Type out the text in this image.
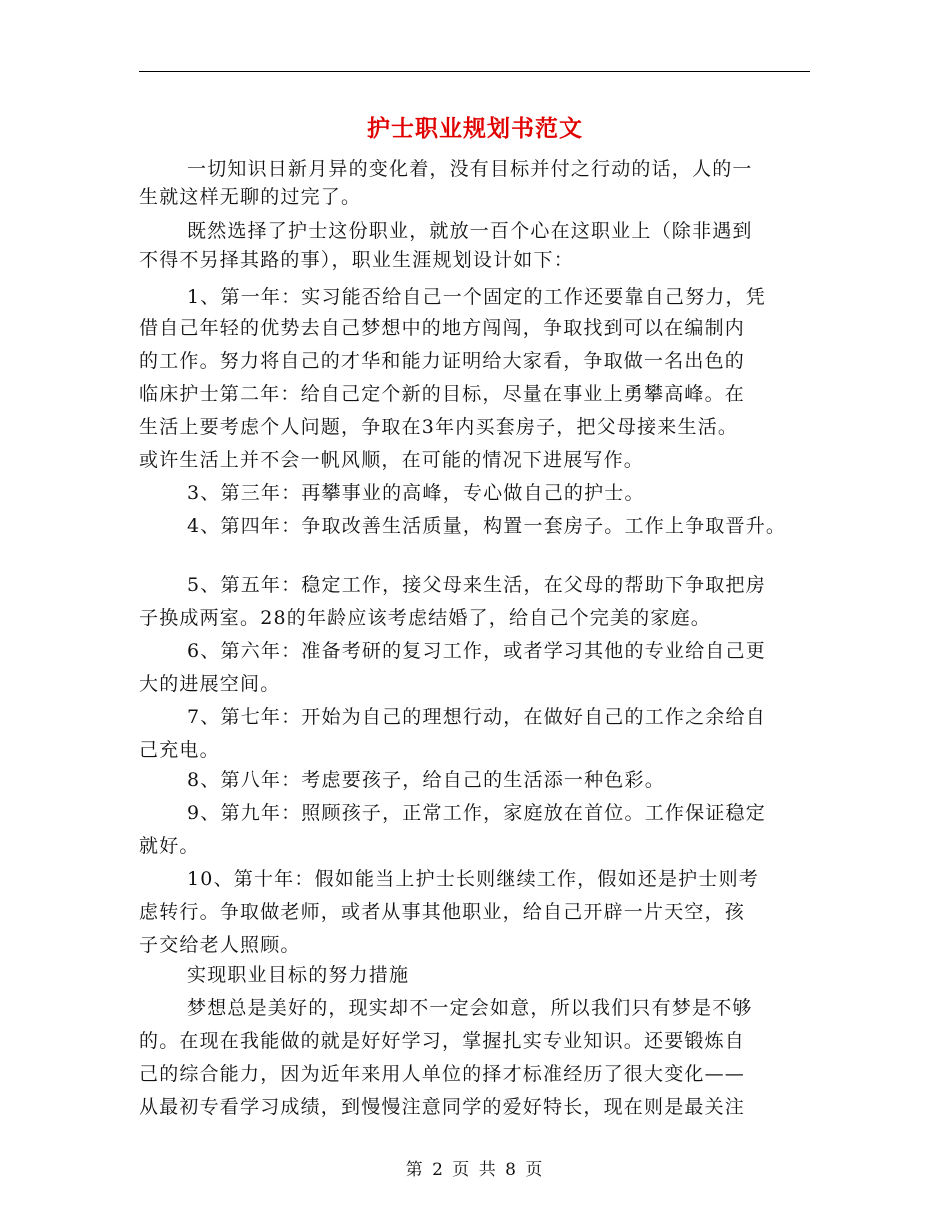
护士职业规划书范文
一切知识日新月异的变化着，没有目标并付之行动的话，人的一
生就这样无聊的过完了。
既然选择了护士这份职业，就放一百个心在这职业上（除非遇到
不得不另择其路的事），职业生涯规划设计如下：
1、第一年：实习能否给自己一个固定的工作还要靠自己努力，凭
借自己年轻的优势去自己梦想中的地方闯闯，争取找到可以在编制内
的工作。努力将自己的才华和能力证明给大家看，争取做一名出色的
临床护士第二年：给自己定个新的目标，尽量在事业上勇攀高峰。在
生活上要考虑个人问题，争取在3年内买套房子，把父母接来生活。
或许生活上并不会一帆风顺，在可能的情况下进展写作。
3、第三年：再攀事业的高峰，专心做自己的护士。
4、第四年：争取改善生活质量，构置一套房子。工作上争取晋升。
5、第五年：稳定工作，接父母来生活，在父母的帮助下争取把房
子换成两室。28的年龄应该考虑结婚了，给自己个完美的家庭。
6、第六年：准备考研的复习工作，或者学习其他的专业给自己更
大的进展空间。
7、第七年：开始为自己的理想行动，在做好自己的工作之余给自
己充电。
8、第八年：考虑要孩子，给自己的生活添一种色彩。
9、第九年：照顾孩子，正常工作，家庭放在首位。工作保证稳定
就好。
10、第十年：假如能当上护士长则继续工作，假如还是护士则考
虑转行。争取做老师，或者从事其他职业，给自己开辟一片天空，孩
子交给老人照顾。
实现职业目标的努力措施
梦想总是美好的，现实却不一定会如意，所以我们只有梦是不够
的。在现在我能做的就是好好学习，掌握扎实专业知识。还要锻炼自
己的综合能力，因为近年来用人单位的择才标准经历了很大变化——
从最初专看学习成绩，到慢慢注意同学的爱好特长，现在则是最关注
第 2 页 共 8 页
